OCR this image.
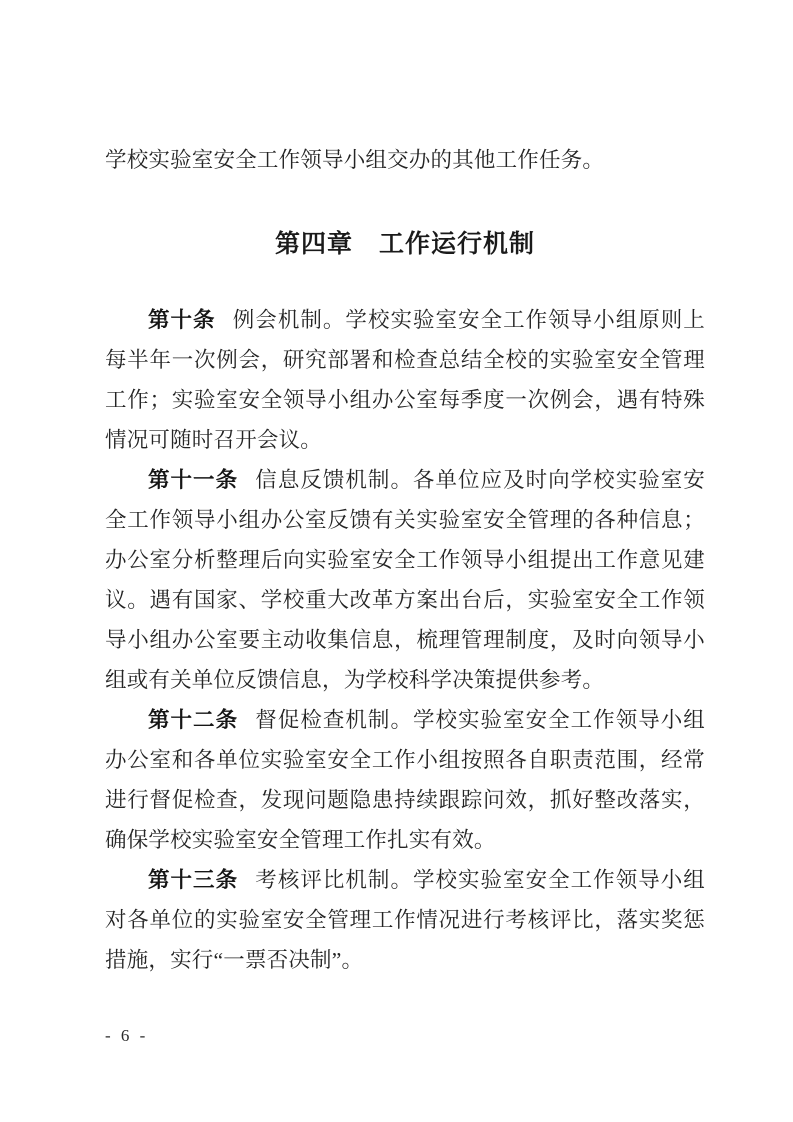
学校实验室安全工作领导小组交办的其他工作任务。

第四章　工作运行机制

第十条 例会机制。学校实验室安全工作领导小组原则上每半年一次例会，研究部署和检查总结全校的实验室安全管理工作；实验室安全领导小组办公室每季度一次例会，遇有特殊情况可随时召开会议。

第十一条 信息反馈机制。各单位应及时向学校实验室安全工作领导小组办公室反馈有关实验室安全管理的各种信息；办公室分析整理后向实验室安全工作领导小组提出工作意见建议。遇有国家、学校重大改革方案出台后，实验室安全工作领导小组办公室要主动收集信息，梳理管理制度，及时向领导小组或有关单位反馈信息，为学校科学决策提供参考。

第十二条 督促检查机制。学校实验室安全工作领导小组办公室和各单位实验室安全工作小组按照各自职责范围，经常进行督促检查，发现问题隐患持续跟踪问效，抓好整改落实，确保学校实验室安全管理工作扎实有效。

第十三条 考核评比机制。学校实验室安全工作领导小组对各单位的实验室安全管理工作情况进行考核评比，落实奖惩措施，实行“一票否决制”。

- 6 -
